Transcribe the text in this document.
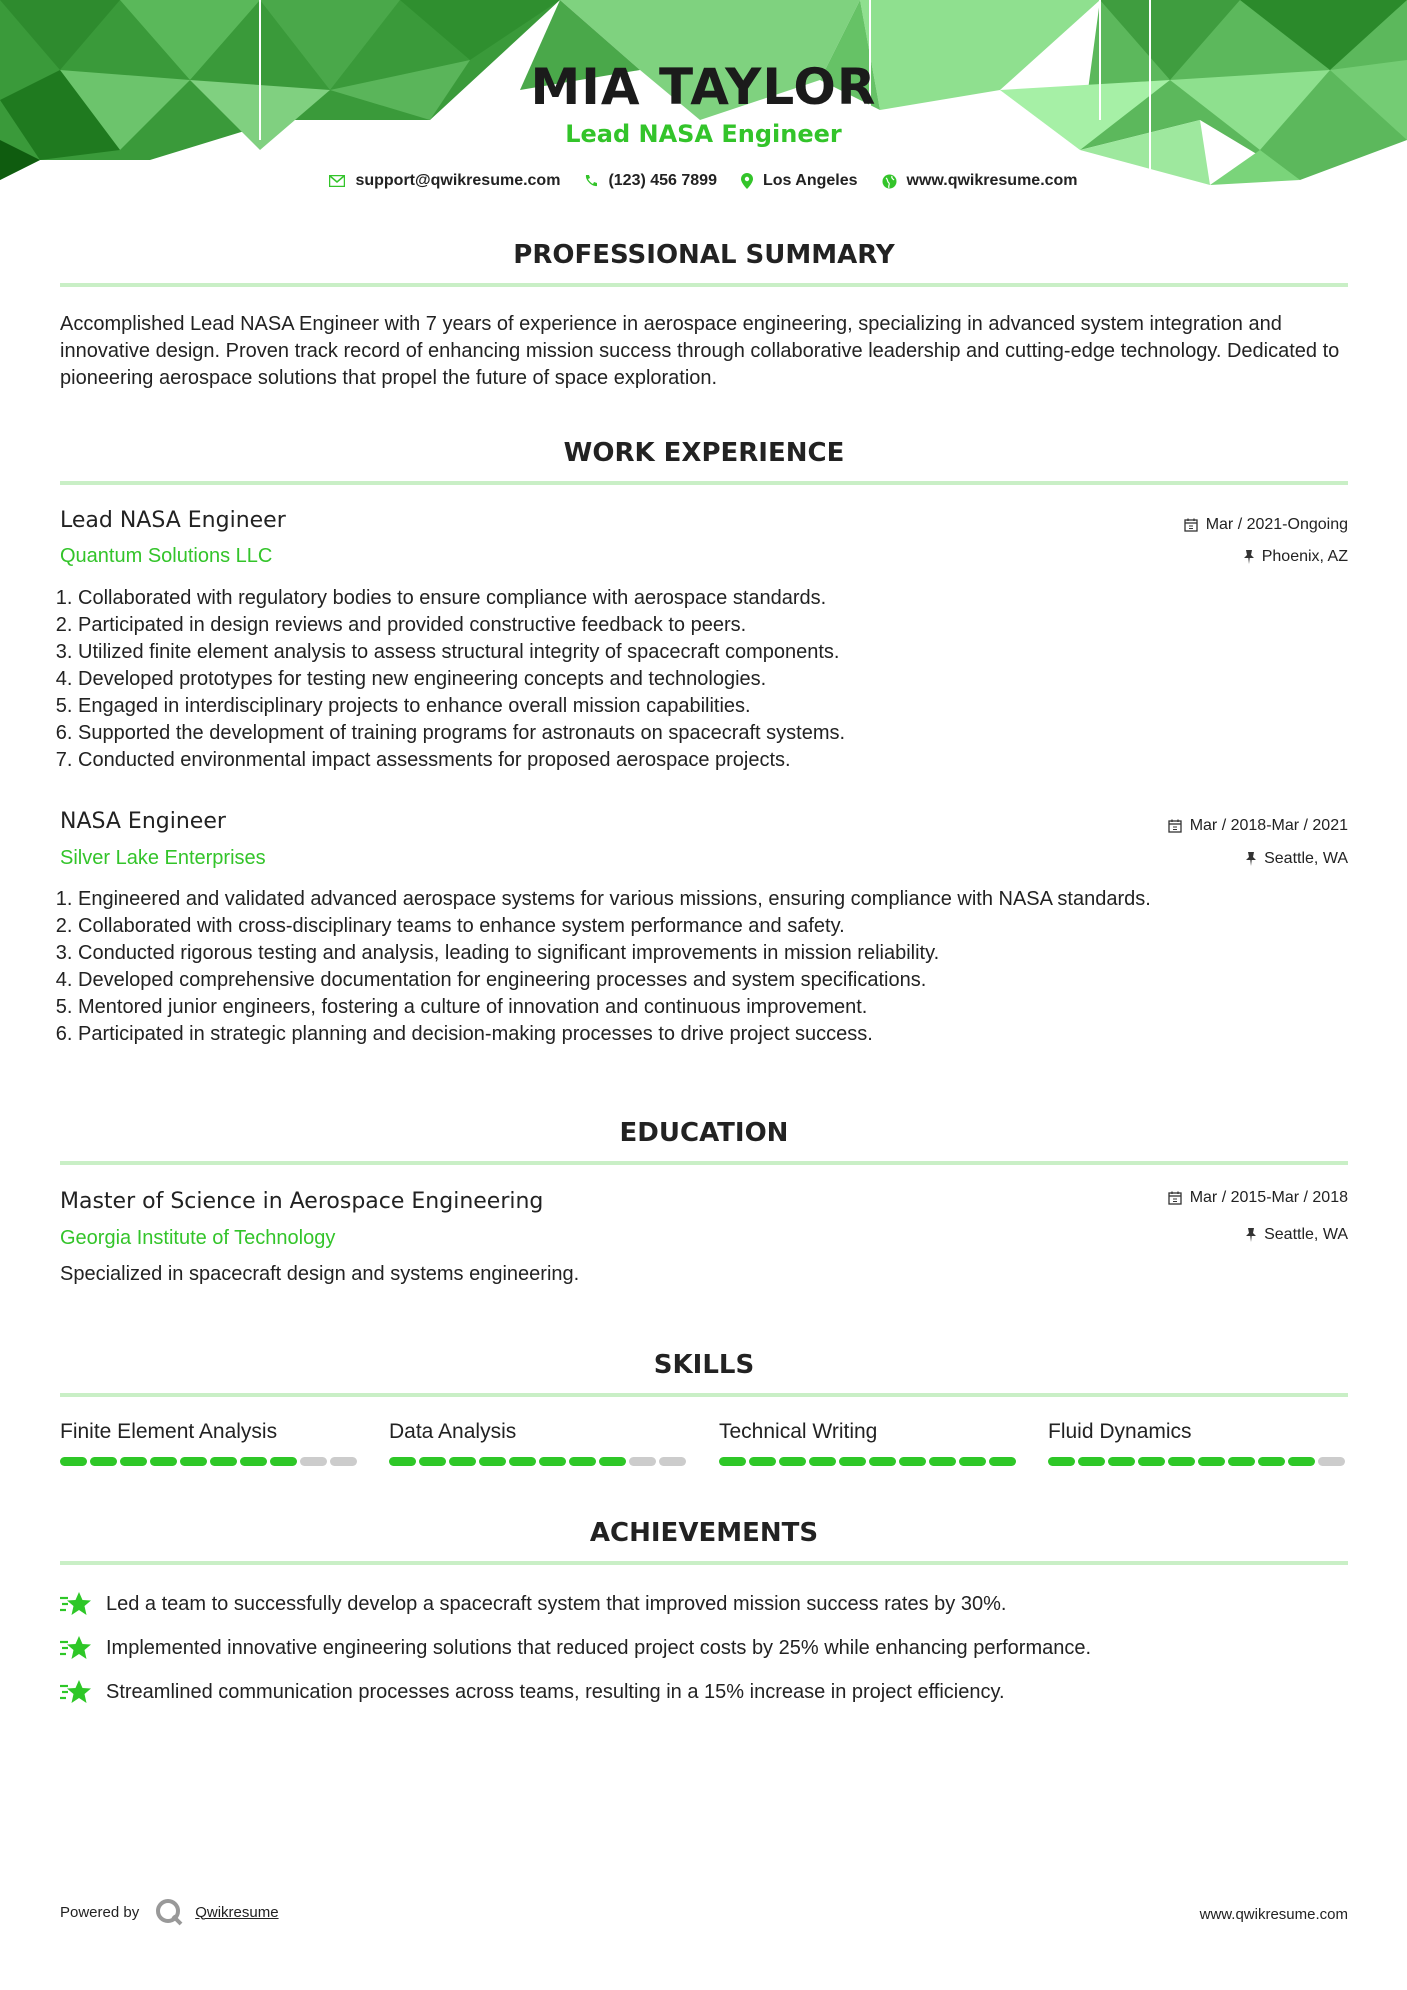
MIA TAYLOR
Lead NASA Engineer
support@qwikresume.com	(123) 456 7899	Los Angeles	www.qwikresume.com
PROFESSIONAL SUMMARY
Accomplished Lead NASA Engineer with 7 years of experience in aerospace engineering, specializing in advanced system integration and innovative design. Proven track record of enhancing mission success through collaborative leadership and cutting-edge technology. Dedicated to pioneering aerospace solutions that propel the future of space exploration.
WORK EXPERIENCE
Lead NASA Engineer
Quantum Solutions LLC
Mar / 2021-Ongoing
Phoenix, AZ
1. Collaborated with regulatory bodies to ensure compliance with aerospace standards.
2. Participated in design reviews and provided constructive feedback to peers.
3. Utilized finite element analysis to assess structural integrity of spacecraft components.
4. Developed prototypes for testing new engineering concepts and technologies.
5. Engaged in interdisciplinary projects to enhance overall mission capabilities.
6. Supported the development of training programs for astronauts on spacecraft systems.
7. Conducted environmental impact assessments for proposed aerospace projects.
NASA Engineer
Silver Lake Enterprises
Mar / 2018-Mar / 2021
Seattle, WA
1. Engineered and validated advanced aerospace systems for various missions, ensuring compliance with NASA standards.
2. Collaborated with cross-disciplinary teams to enhance system performance and safety.
3. Conducted rigorous testing and analysis, leading to significant improvements in mission reliability.
4. Developed comprehensive documentation for engineering processes and system specifications.
5. Mentored junior engineers, fostering a culture of innovation and continuous improvement.
6. Participated in strategic planning and decision-making processes to drive project success.
EDUCATION
Master of Science in Aerospace Engineering
Georgia Institute of Technology
Mar / 2015-Mar / 2018
Seattle, WA
Specialized in spacecraft design and systems engineering.
SKILLS
Finite Element Analysis	Data Analysis	Technical Writing	Fluid Dynamics
ACHIEVEMENTS
Led a team to successfully develop a spacecraft system that improved mission success rates by 30%.
Implemented innovative engineering solutions that reduced project costs by 25% while enhancing performance.
Streamlined communication processes across teams, resulting in a 15% increase in project efficiency.
Powered by	Qwikresume	www.qwikresume.com
